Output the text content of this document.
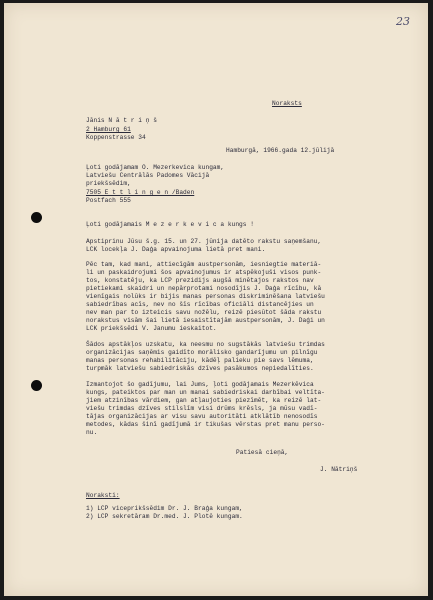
23
Noraksts
Jānis N ā t r i ņ š
2 Hamburg 61
Koppenstrasse 34
Hamburgā, 1966.gada 12.jūlijā
Ļoti godājamam O. Mezerkevica kungam,
Latviešu Centrālās Padomes Vācijā
priekšsēdim,
7505 E t t l i n g e n /Baden
Postfach 555
Ļoti godājamais M e z e r k e v i c a kungs !
Apstiprinu Jūsu š.g. 15. un 27. jūnija datēto rakstu saņemšanu,
LCK locekļa J. Daģa apvainojuma lietā pret mani.
Pēc tam, kad mani, attiecīgām austpersonām, iesniegtie materiā-
li un paskaidrojumi šos apvainojumus ir atspēkojuši visos punk-
tos, konstatēju, ka LCP prezidijs augšā minētajos rakstos nav
pietiekami skaidri un nepārprotami nosodījis J. Daģa rīcību, kā
vienīgais nolūks ir bijis manas personas diskriminēšana latviešu
sabiedrības acīs, nev no šīs rīcības oficiāli distancējies un
nev man par to izteicis savu nožēlu, reizē piesūtot šāda rakstu
norakstus visām šai lietā iesaistītajām austpersonām, J. Daģi un
LCK priekšsēdi V. Janumu ieskaitot.
Šādos apstākļos uzskatu, ka neesmu no sugstākās latviešu trimdas
organizācijas saņēmis gaidīto morālisko gandarījumu un pilnīgu
manas personas rehabilitāciju, kādēļ palieku pie savs lēmuma,
turpmāk latviešu sabiedriskās dzīves pasākumos nepiedalīties.
Izmantojot šo gadījumu, lai Jums, ļoti godājamais Mezerkēvica
kungs, pateiktos par man un manai sabiedriskai darbībai veltīta-
jiem atzinības vārdiem, gan atļaujoties piezīmēt, ka reizē lat-
viešu trimdas dzīves stilslīm visi drūms krēsls, ja mūsu vadī-
tājas organizācijas ar visu savu autoritāti atklātīb nenosodīs
metodes, kādas šinī gadījumā ir tikušas vērstas pret manu perso-
nu.
Patiesā cieņā,
J. Nātriņš
Noraksti:
1) LCP viceprikšsēdim Dr. J. Braģa kungam,
2) LCP sekretāram Dr.med. J. Plotē kungam.
